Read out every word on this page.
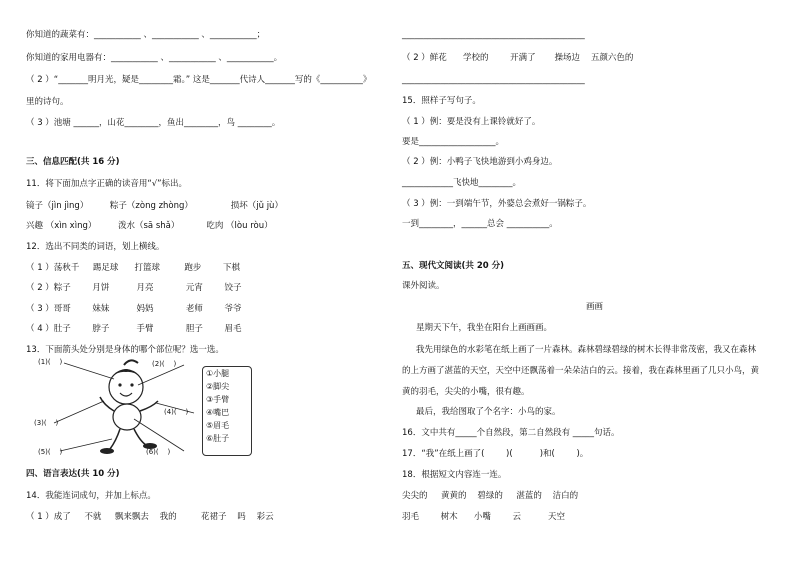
你知道的蔬菜有：___________ 、___________ 、___________；
你知道的家用电器有：___________ 、___________ 、___________。
（ 2 ）“_______明月光，疑是________霜。” 这是_______代诗人_______写的《__________》
里的诗句。
（ 3 ）池塘 ______，山花________，鱼出________，鸟 ________。
三、信息匹配(共 16 分)
11．将下面加点字正确的读音用“√”标出。
镜子（jìn jìng）        粽子（zòng zhòng）              损坏（jǔ jù）
兴趣 （xìn xìng）        泼水（sā shǎ）          吃肉 （lòu ròu）
12．选出不同类的词语，划上横线。
（ 1 ）荡秋千     踢足球      打篮球         跑步        下棋
（ 2 ）粽子        月饼          月亮            元宵        饺子
（ 3 ）哥哥        妹妹          妈妈            老师        爷爷
（ 4 ）肚子        脖子          手臂            胆子        眉毛
13．下面箭头处分别是身体的哪个部位呢？选一选。
(1)(    )	(2)(    )
(3)(    )
(4)(    )
(5)(    )	(6)(    )
①小腿
②脚尖
③手臂
④嘴巴
⑤眉毛
⑥肚子
四、语言表达(共 10 分)
14．我能连词成句，并加上标点。
（ 1 ）成了     不就     飘来飘去    我的         花裙子    吗    彩云
___________________________________________
（ 2 ）鲜花      学校的        开满了       操场边    五颜六色的
___________________________________________
15．照样子写句子。
（ 1 ）例：要是没有上课铃就好了。
要是__________________。
（ 2 ）例：小鸭子飞快地游到小鸡身边。
____________飞快地________。
（ 3 ）例：一到端午节，外婆总会煮好一锅粽子。
一到________，______总会 __________。
五、现代文阅读(共 20 分)
课外阅读。
画画
星期天下午，我坐在阳台上画画画。
我先用绿色的水彩笔在纸上画了一片森林。森林碧绿碧绿的树木长得非常茂密，我又在森林
的上方画了湛蓝的天空，天空中还飘荡着一朵朵洁白的云。接着，我在森林里画了几只小鸟，黄
黄的羽毛，尖尖的小嘴，很有趣。
最后，我给图取了个名字：小鸟的家。
16．文中共有_____个自然段，第二自然段有 _____句话。
17．“我”在纸上画了(        )(          )和(        )。
18．根据短文内容连一连。
尖尖的     黄黄的    碧绿的     湛蓝的    洁白的
羽毛        树木      小嘴        云          天空
